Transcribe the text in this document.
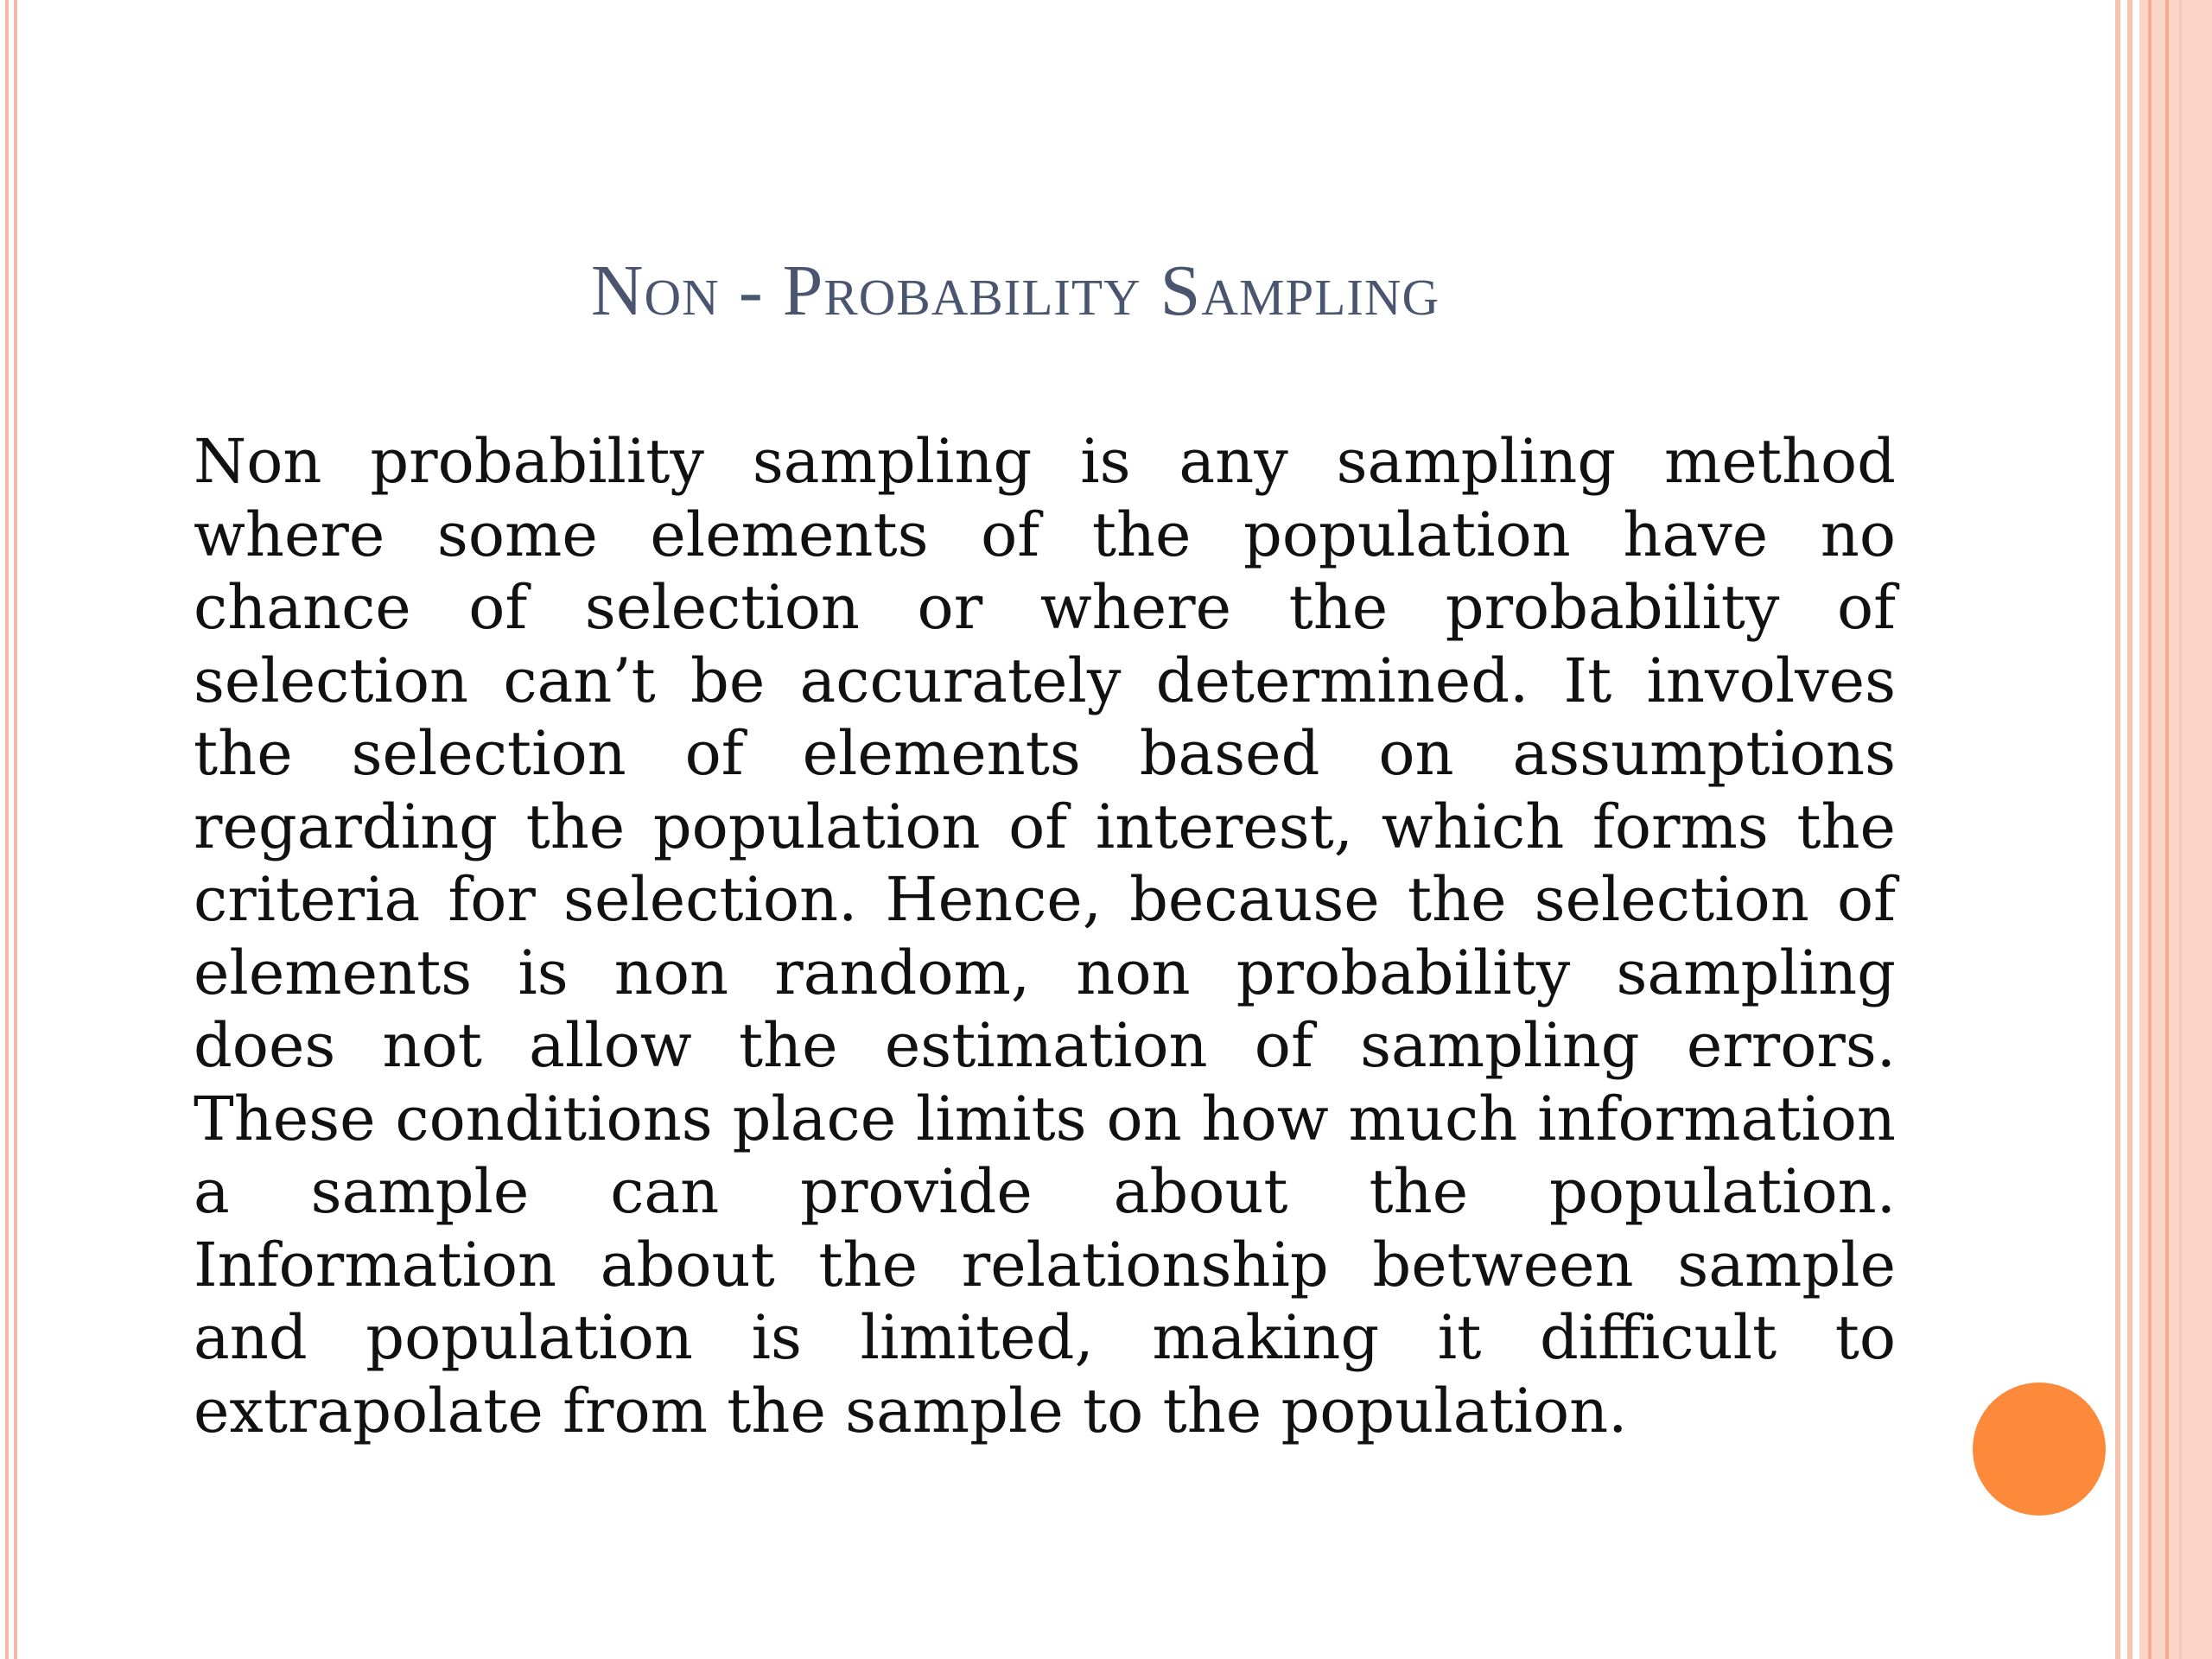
Non - Probability Sampling

Non probability sampling is any sampling method where some elements of the population have no chance of selection or where the probability of selection can’t be accurately determined. It involves the selection of elements based on assumptions regarding the population of interest, which forms the criteria for selection. Hence, because the selection of elements is non random, non probability sampling does not allow the estimation of sampling errors. These conditions place limits on how much information a sample can provide about the population. Information about the relationship between sample and population is limited, making it difficult to extrapolate from the sample to the population.
